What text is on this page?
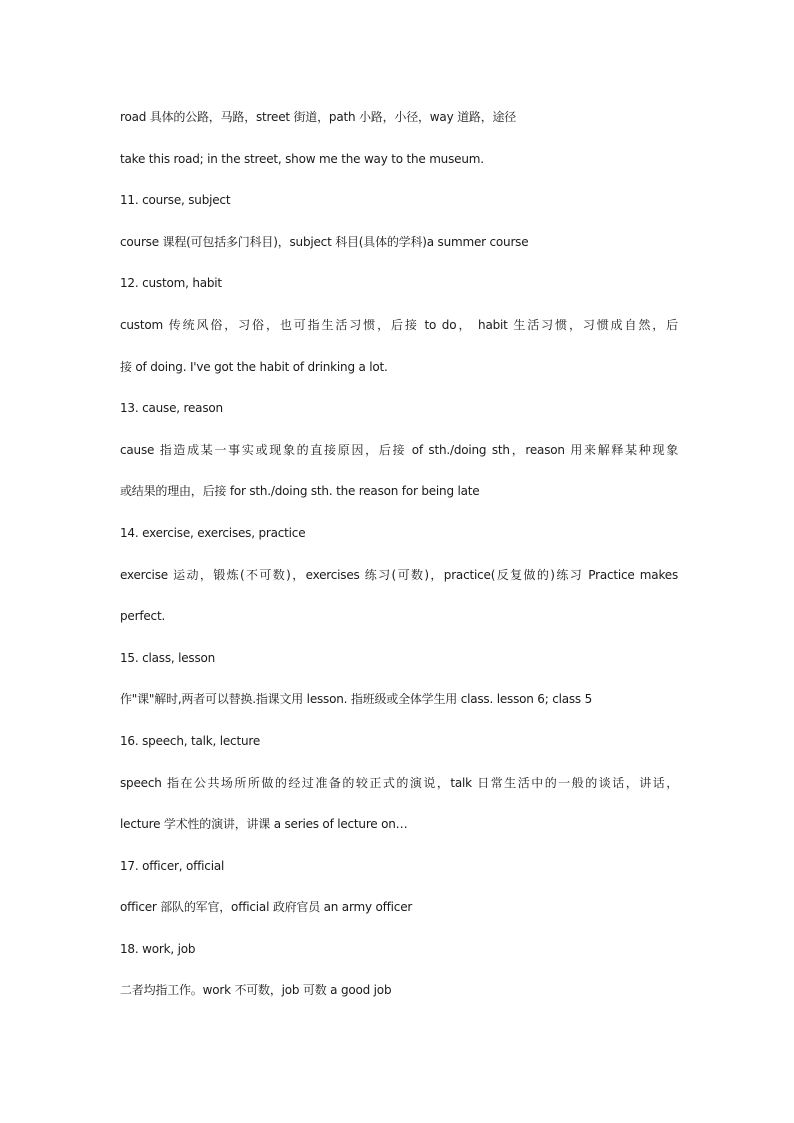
road 具体的公路，马路，street 街道，path 小路，小径，way 道路，途径
take this road; in the street, show me the way to the museum.
11. course, subject
course 课程(可包括多门科目)，subject 科目(具体的学科)a summer course
12. custom, habit
custom 传统风俗，习俗，也可指生活习惯，后接 to do， habit 生活习惯，习惯成自然，后
接 of doing. I've got the habit of drinking a lot.
13. cause, reason
cause 指造成某一事实或现象的直接原因，后接 of sth./doing sth，reason 用来解释某种现象
或结果的理由，后接 for sth./doing sth. the reason for being late
14. exercise, exercises, practice
exercise 运动，锻炼(不可数)，exercises 练习(可数)，practice(反复做的)练习 Practice makes
perfect.
15. class, lesson
作"课"解时,两者可以替换.指课文用 lesson. 指班级或全体学生用 class. lesson 6; class 5
16. speech, talk, lecture
speech 指在公共场所所做的经过准备的较正式的演说，talk 日常生活中的一般的谈话，讲话，
lecture 学术性的演讲，讲课 a series of lecture on…
17. officer, official
officer 部队的军官，official 政府官员 an army officer
18. work, job
二者均指工作。work 不可数，job 可数 a good job
